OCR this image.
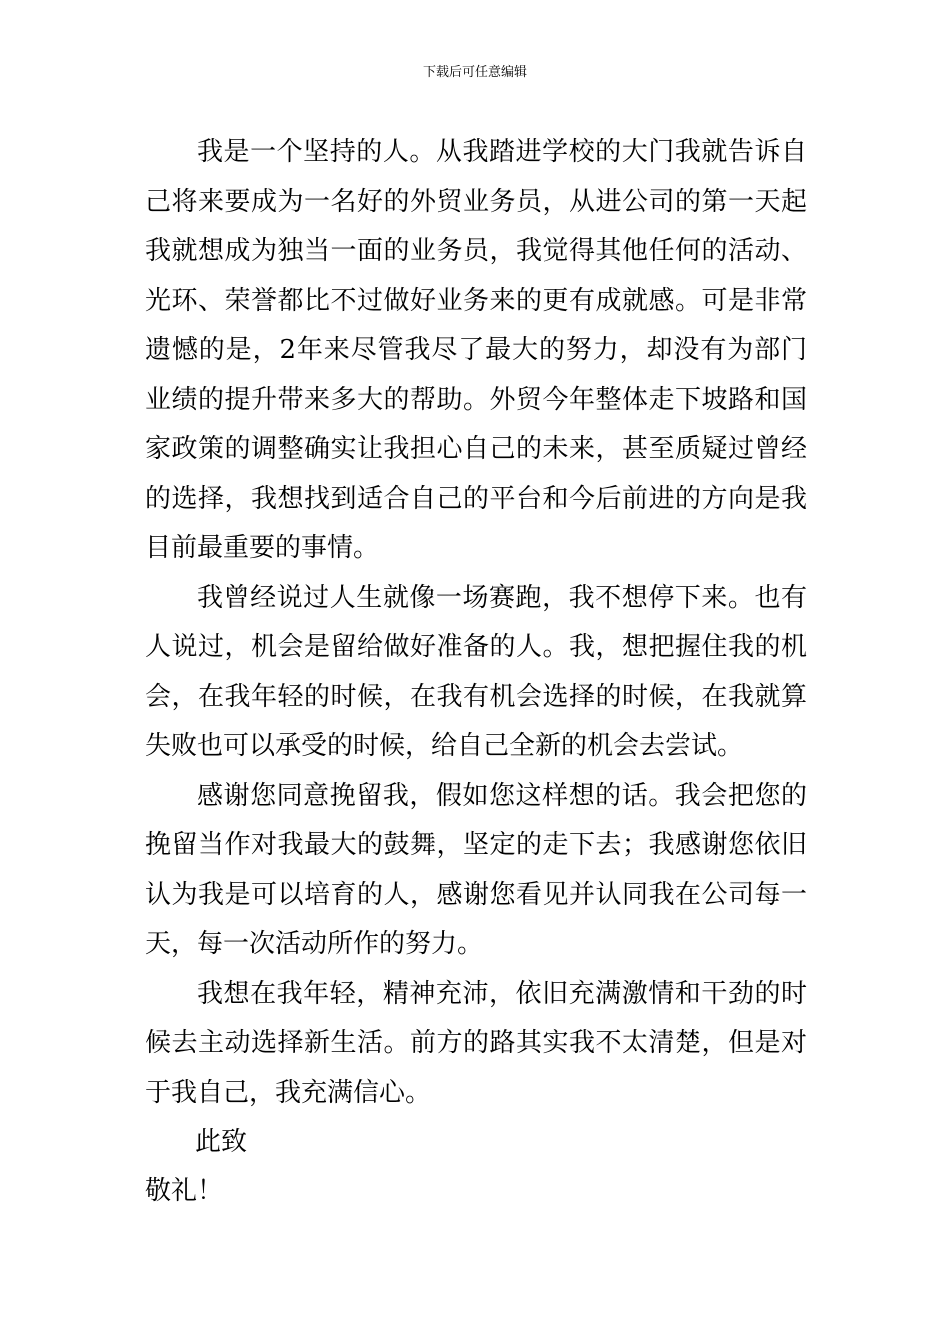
下载后可任意编辑

我是一个坚持的人。从我踏进学校的大门我就告诉自己将来要成为一名好的外贸业务员，从进公司的第一天起我就想成为独当一面的业务员，我觉得其他任何的活动、光环、荣誉都比不过做好业务来的更有成就感。可是非常遗憾的是，2年来尽管我尽了最大的努力，却没有为部门业绩的提升带来多大的帮助。外贸今年整体走下坡路和国家政策的调整确实让我担心自己的未来，甚至质疑过曾经的选择，我想找到适合自己的平台和今后前进的方向是我目前最重要的事情。

我曾经说过人生就像一场赛跑，我不想停下来。也有人说过，机会是留给做好准备的人。我，想把握住我的机会，在我年轻的时候，在我有机会选择的时候，在我就算失败也可以承受的时候，给自己全新的机会去尝试。

感谢您同意挽留我，假如您这样想的话。我会把您的挽留当作对我最大的鼓舞，坚定的走下去；我感谢您依旧认为我是可以培育的人，感谢您看见并认同我在公司每一天，每一次活动所作的努力。

我想在我年轻，精神充沛，依旧充满激情和干劲的时候去主动选择新生活。前方的路其实我不太清楚，但是对于我自己，我充满信心。

此致

敬礼！
